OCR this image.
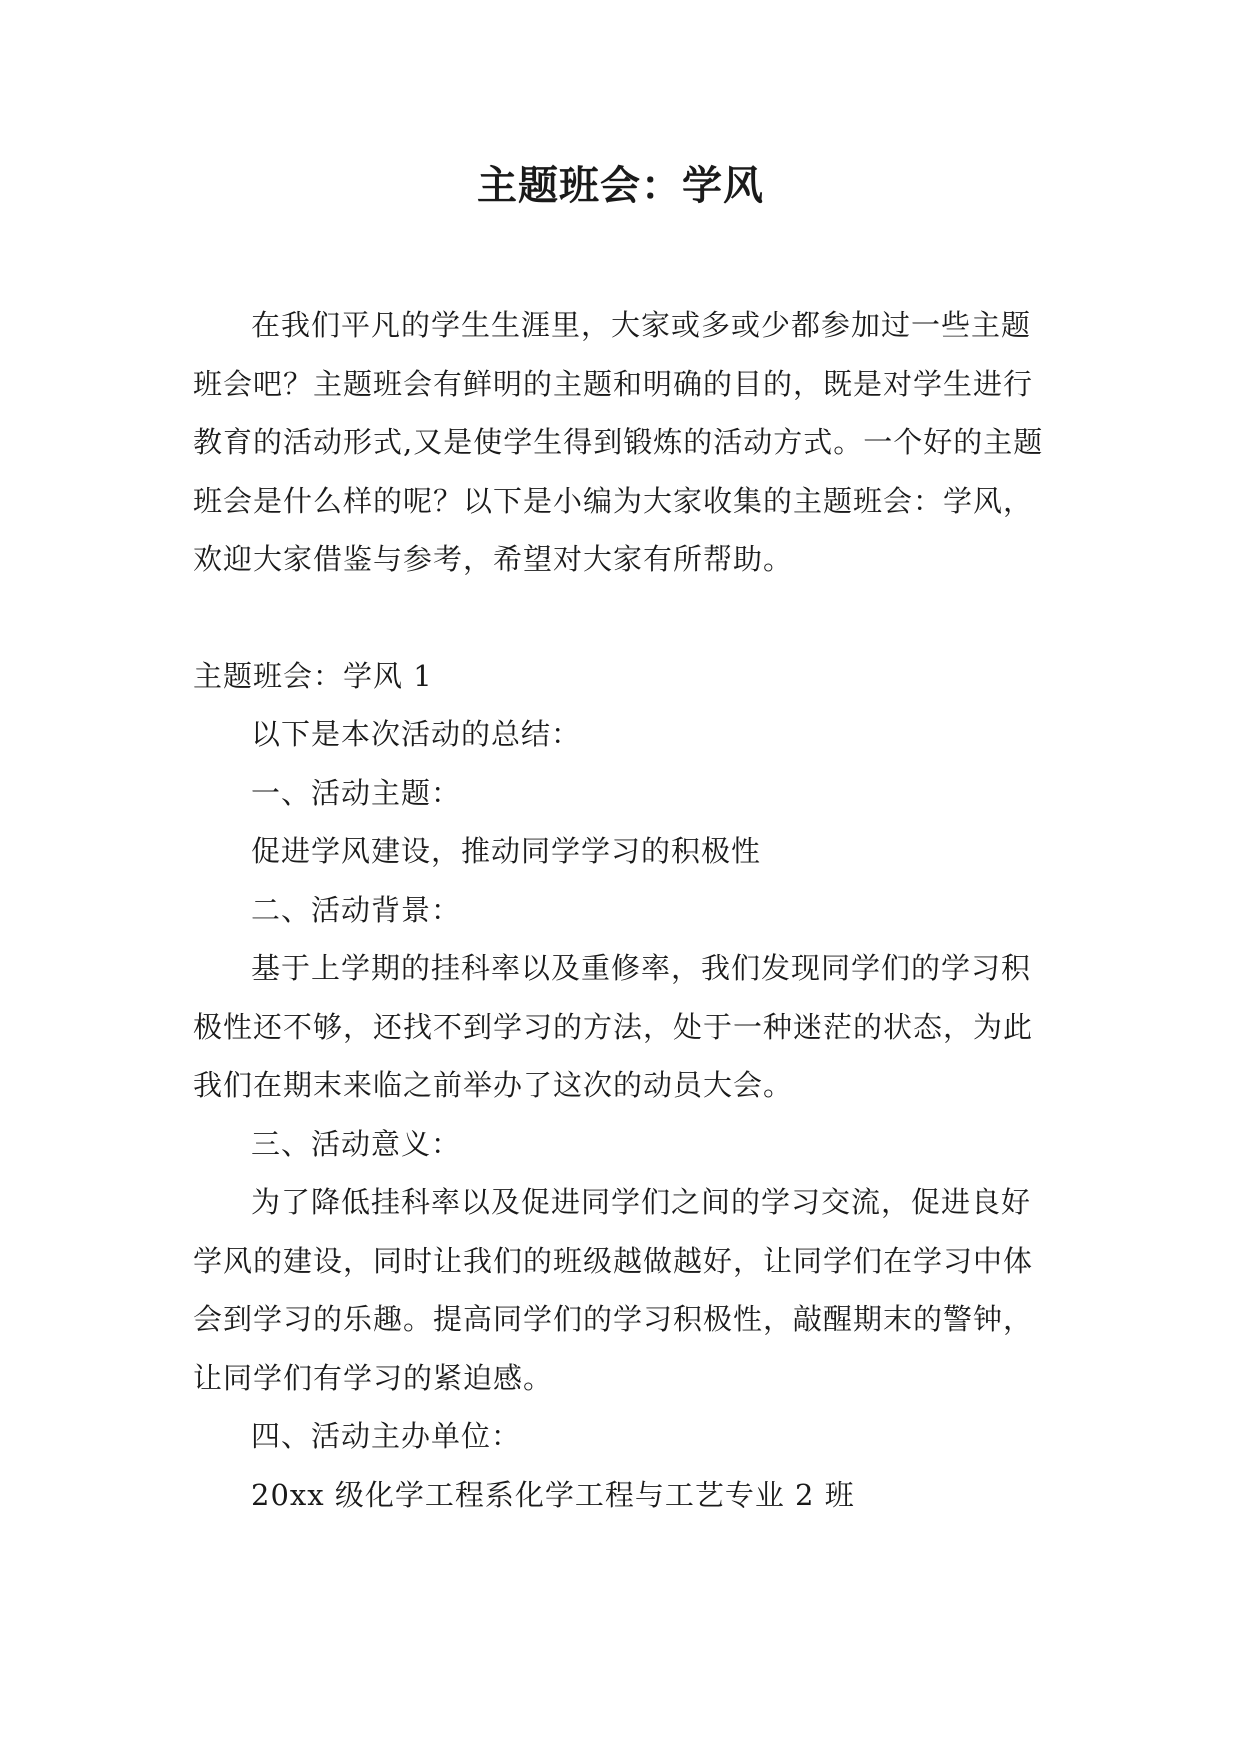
主题班会：学风

在我们平凡的学生生涯里，大家或多或少都参加过一些主题班会吧？主题班会有鲜明的主题和明确的目的，既是对学生进行教育的活动形式,又是使学生得到锻炼的活动方式。一个好的主题班会是什么样的呢？以下是小编为大家收集的主题班会：学风，欢迎大家借鉴与参考，希望对大家有所帮助。

主题班会：学风 1

以下是本次活动的总结：

一、活动主题：

促进学风建设，推动同学学习的积极性

二、活动背景：

基于上学期的挂科率以及重修率，我们发现同学们的学习积极性还不够，还找不到学习的方法，处于一种迷茫的状态，为此我们在期末来临之前举办了这次的动员大会。

三、活动意义：

为了降低挂科率以及促进同学们之间的学习交流，促进良好学风的建设，同时让我们的班级越做越好，让同学们在学习中体会到学习的乐趣。提高同学们的学习积极性，敲醒期末的警钟，让同学们有学习的紧迫感。

四、活动主办单位：

20xx 级化学工程系化学工程与工艺专业 2 班
